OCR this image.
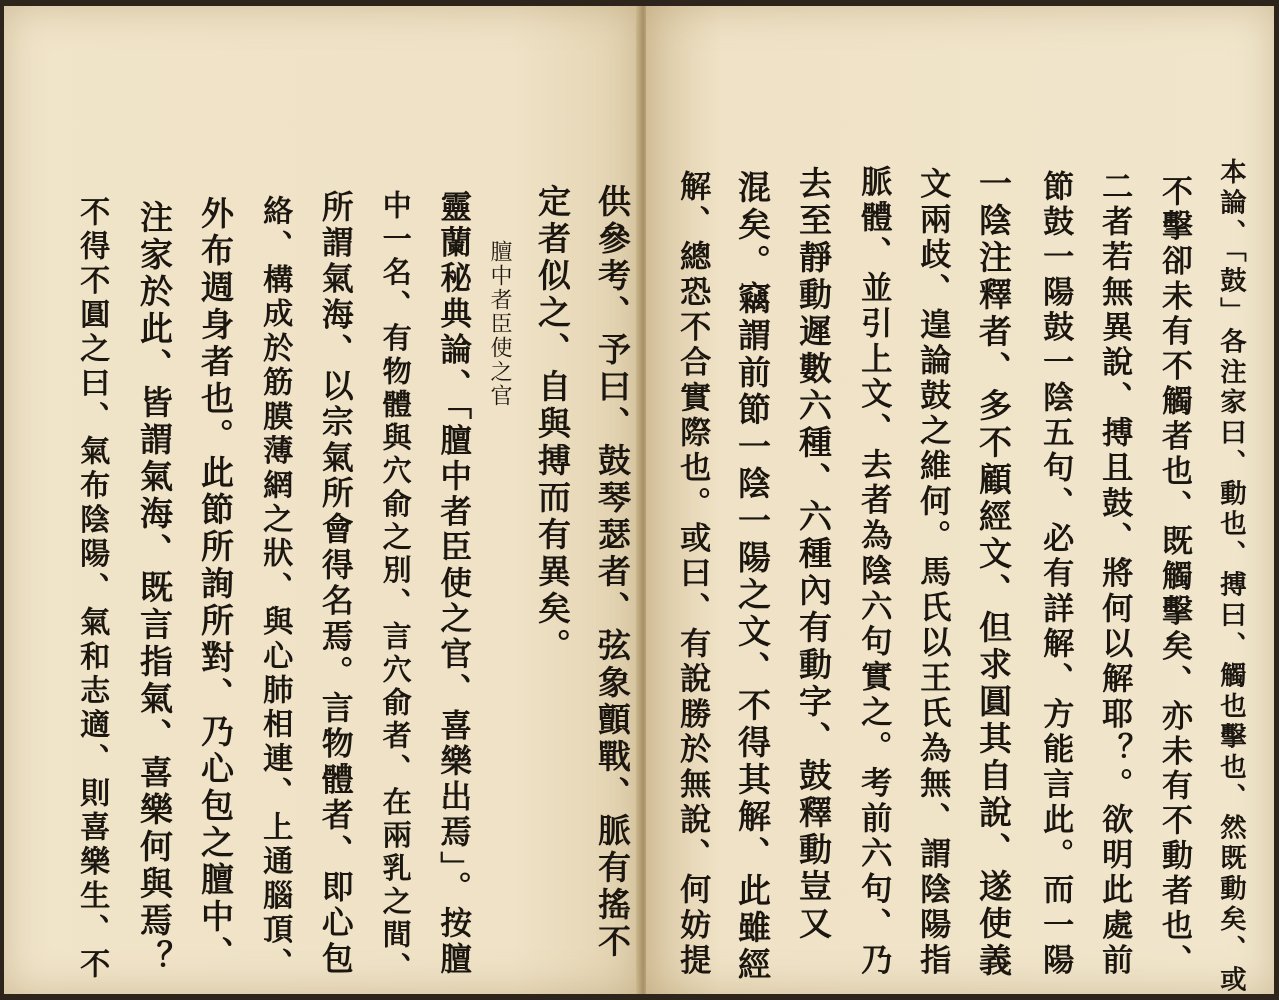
本論、「鼓」各注家曰、動也、搏曰、觸也擊也、然既動矣、或
不擊卻未有不觸者也、既觸擊矣、亦未有不動者也、
二者若無異說、搏且鼓、將何以解耶？。欲明此處前
節鼓一陽鼓一陰五句、必有詳解、方能言此。而一陽
一陰注釋者、多不顧經文、但求圓其自說、遂使義
文兩歧、遑論鼓之維何。馬氏以王氏為無、謂陰陽指
脈體、並引上文、去者為陰六句實之。考前六句、乃
去至靜動遲數六種、六種內有動字、鼓釋動豈又
混矣。竊謂前節一陰一陽之文、不得其解、此雖經
解、總恐不合實際也。或曰、有說勝於無說、何妨提
供參考、予曰、鼓琴瑟者、弦象顫戰、脈有搖不
定者似之、自與搏而有異矣。
膻中者臣使之官
靈蘭秘典論、「膻中者臣使之官、喜樂出焉」。按膻
中一名、有物體與穴俞之別、言穴俞者、在兩乳之間、
所謂氣海、以宗氣所會得名焉。言物體者、即心包
絡、構成於筋膜薄網之狀、與心肺相連、上通腦頂、
外布週身者也。此節所詢所對、乃心包之膻中、
注家於此、皆謂氣海、既言指氣、喜樂何與焉？
不得不圓之曰、氣布陰陽、氣和志適、則喜樂生、不
